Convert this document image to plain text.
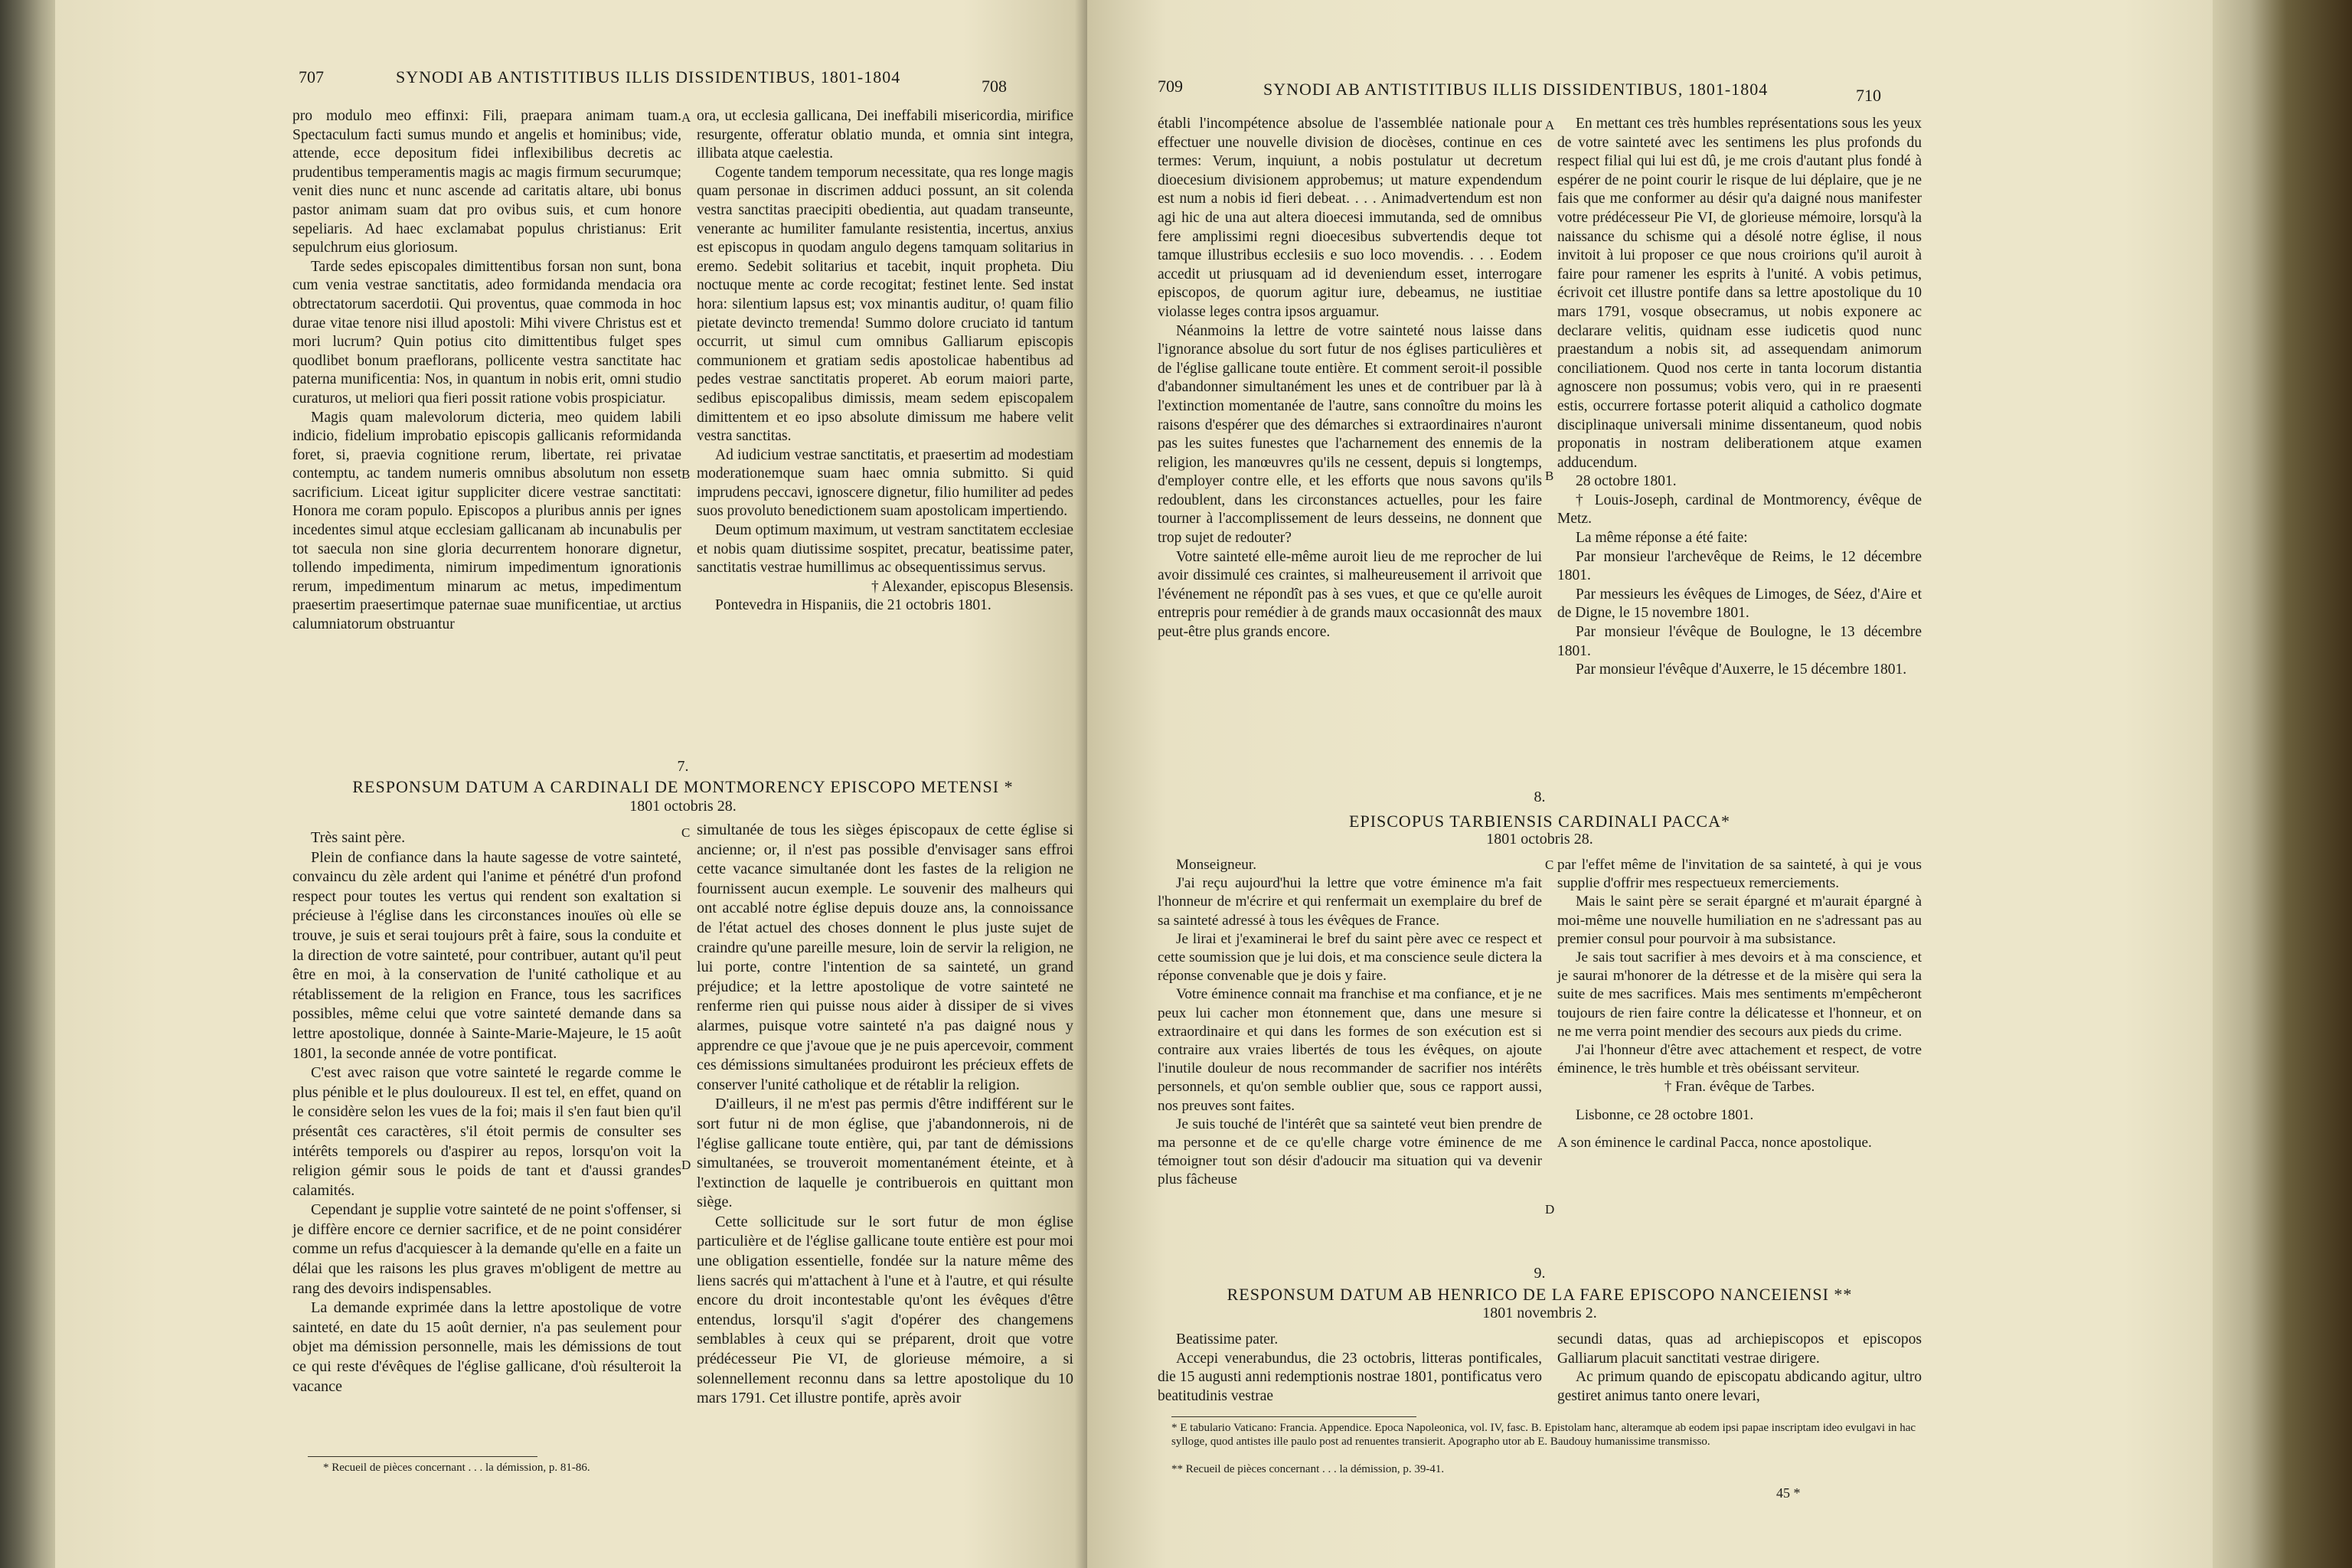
707	SYNODI AB ANTISTITIBUS ILLIS DISSIDENTIBUS, 1801-1804	708

pro modulo meo effinxi: Fili, praepara animam tuam. Spectaculum facti sumus mundo et angelis et hominibus; vide, attende, ecce depositum fidei inflexibilibus decretis ac prudentibus temperamentis magis ac magis firmum securumque; venit dies nunc et nunc ascende ad caritatis altare, ubi bonus pastor animam suam dat pro ovibus suis, et cum honore sepeliaris. Ad haec exclamabat populus christianus: Erit sepulchrum eius gloriosum.

Tarde sedes episcopales dimittentibus forsan non sunt, bona cum venia vestrae sanctitatis, adeo formidanda mendacia ora obtrectatorum sacerdotii. Qui proventus, quae commoda in hoc durae vitae tenore nisi illud apostoli: Mihi vivere Christus est et mori lucrum? Quin potius cito dimittentibus fulget spes quodlibet bonum praeflorans, pollicente vestra sanctitate hac paterna munificentia: Nos, in quantum in nobis erit, omni studio curaturos, ut meliori qua fieri possit ratione vobis prospiciatur.

Magis quam malevolorum dicteria, meo quidem labili indicio, fidelium improbatio episcopis gallicanis reformidanda foret, si, praevia cognitione rerum, libertate, rei privatae contemptu, ac tandem numeris omnibus absolutum non esset sacrificium. Liceat igitur suppliciter dicere vestrae sanctitati: Honora me coram populo. Episcopos a pluribus annis per ignes incedentes simul atque ecclesiam gallicanam ab incunabulis per tot saecula non sine gloria decurrentem honorare dignetur, tollendo impedimenta, nimirum impedimentum ignorationis rerum, impedimentum minarum ac metus, impedimentum praesertim praesertimque paternae suae munificentiae, ut arctius calumniatorum obstruantur

A ora, ut ecclesia gallicana, Dei ineffabili misericordia, mirifice resurgente, offeratur oblatio munda, et omnia sint integra, illibata atque caelestia.

Cogente tandem temporum necessitate, qua res longe magis quam personae in discrimen adduci possunt, an sit colenda vestra sanctitas praecipiti obedientia, aut quadam transeunte, venerante ac humiliter famulante resistentia, incertus, anxius est episcopus in quodam angulo degens tamquam solitarius in eremo. Sedebit solitarius et tacebit, inquit propheta. Diu noctuque mente ac corde recogitat; festinet lente. Sed instat hora: silentium lapsus est; vox minantis auditur, o! quam filio pietate devincto tremenda! Summo dolore cruciato id tantum occurrit, ut simul cum omnibus Galliarum episcopis communionem et gratiam sedis apostolicae habentibus ad pedes vestrae sanctitatis properet. Ab eorum maiori parte, sedibus episcopalibus dimissis, meam sedem episcopalem dimittentem et eo ipso absolute dimissum me habere velit vestra sanctitas.

Ad iudicium vestrae sanctitatis, et praesertim ad modestiam moderationemque suam haec omnia submitto. Si quid imprudens peccavi, ignoscere dignetur, filio humiliter ad pedes suos provoluto benedictionem suam apostolicam impertiendo.

Deum optimum maximum, ut vestram sanctitatem ecclesiae et nobis quam diutissime sospitet, precatur, beatissime pater, sanctitatis vestrae humillimus ac obsequentissimus servus.

† Alexander, episcopus Blesensis.

Pontevedra in Hispaniis, die 21 octobris 1801.

B
7.
RESPONSUM DATUM A CARDINALI DE MONTMORENCY EPISCOPO METENSI *
1801 octobris 28.

Très saint père.

Plein de confiance dans la haute sagesse de votre sainteté, convaincu du zèle ardent qui l'anime et pénétré d'un profond respect pour toutes les vertus qui rendent son exaltation si précieuse à l'église dans les circonstances inouïes où elle se trouve, je suis et serai toujours prêt à faire, sous la conduite et la direction de votre sainteté, pour contribuer, autant qu'il peut être en moi, à la conservation de l'unité catholique et au rétablissement de la religion en France, tous les sacrifices possibles, même celui que votre sainteté demande dans sa lettre apostolique, donnée à Sainte-Marie-Majeure, le 15 août 1801, la seconde année de votre pontificat.

C'est avec raison que votre sainteté le regarde comme le plus pénible et le plus douloureux. Il est tel, en effet, quand on le considère selon les vues de la foi; mais il s'en faut bien qu'il présentât ces caractères, s'il étoit permis de consulter ses intérêts temporels ou d'aspirer au repos, lorsqu'on voit la religion gémir sous le poids de tant et d'aussi grandes calamités.

Cependant je supplie votre sainteté de ne point s'offenser, si je diffère encore ce dernier sacrifice, et de ne point considérer comme un refus d'acquiescer à la demande qu'elle en a faite un délai que les raisons les plus graves m'obligent de mettre au rang des devoirs indispensables.

La demande exprimée dans la lettre apostolique de votre sainteté, en date du 15 août dernier, n'a pas seulement pour objet ma démission personnelle, mais les démissions de tout ce qui reste d'évêques de l'église gallicane, d'où résulteroit la vacance

C
D

simultanée de tous les sièges épiscopaux de cette église si ancienne; or, il n'est pas possible d'envisager sans effroi cette vacance simultanée dont les fastes de la religion ne fournissent aucun exemple. Le souvenir des malheurs qui ont accablé notre église depuis douze ans, la connoissance de l'état actuel des choses donnent le plus juste sujet de craindre qu'une pareille mesure, loin de servir la religion, ne lui porte, contre l'intention de sa sainteté, un grand préjudice; et la lettre apostolique de votre sainteté ne renferme rien qui puisse nous aider à dissiper de si vives alarmes, puisque votre sainteté n'a pas daigné nous y apprendre ce que j'avoue que je ne puis apercevoir, comment ces démissions simultanées produiront les précieux effets de conserver l'unité catholique et de rétablir la religion.

D'ailleurs, il ne m'est pas permis d'être indifférent sur le sort futur ni de mon église, que j'abandonnerois, ni de l'église gallicane toute entière, qui, par tant de démissions simultanées, se trouveroit momentanément éteinte, et à l'extinction de laquelle je contribuerois en quittant mon siège.

Cette sollicitude sur le sort futur de mon église particulière et de l'église gallicane toute entière est pour moi une obligation essentielle, fondée sur la nature même des liens sacrés qui m'attachent à l'une et à l'autre, et qui résulte encore du droit incontestable qu'ont les évêques d'être entendus, lorsqu'il s'agit d'opérer des changemens semblables à ceux qui se préparent, droit que votre prédécesseur Pie VI, de glorieuse mémoire, a si solennellement reconnu dans sa lettre apostolique du 10 mars 1791. Cet illustre pontife, après avoir

* Recueil de pièces concernant . . . la démission, p. 81-86.
709	SYNODI AB ANTISTITIBUS ILLIS DISSIDENTIBUS, 1801-1804	710

établi l'incompétence absolue de l'assemblée nationale pour effectuer une nouvelle division de diocèses, continue en ces termes: Verum, inquiunt, a nobis postulatur ut decretum dioecesium divisionem approbemus; ut mature expendendum est num a nobis id fieri debeat. . . . Animadvertendum est non agi hic de una aut altera dioecesi immutanda, sed de omnibus fere amplissimi regni dioecesibus subvertendis deque tot tamque illustribus ecclesiis e suo loco movendis. . . . Eodem accedit ut priusquam ad id deveniendum esset, interrogare episcopos, de quorum agitur iure, debeamus, ne iustitiae violasse leges contra ipsos arguamur.

Néanmoins la lettre de votre sainteté nous laisse dans l'ignorance absolue du sort futur de nos églises particulières et de l'église gallicane toute entière. Et comment seroit-il possible d'abandonner simultanément les unes et de contribuer par là à l'extinction momentanée de l'autre, sans connoître du moins les raisons d'espérer que des démarches si extraordinaires n'auront pas les suites funestes que l'acharnement des ennemis de la religion, les manœuvres qu'ils ne cessent, depuis si longtemps, d'employer contre elle, et les efforts que nous savons qu'ils redoublent, dans les circonstances actuelles, pour les faire tourner à l'accomplissement de leurs desseins, ne donnent que trop sujet de redouter?

Votre sainteté elle-même auroit lieu de me reprocher de lui avoir dissimulé ces craintes, si malheureusement il arrivoit que l'événement ne répondît pas à ses vues, et que ce qu'elle auroit entrepris pour remédier à de grands maux occasionnât des maux peut-être plus grands encore.

A
B

En mettant ces très humbles représentations sous les yeux de votre sainteté avec les sentimens les plus profonds du respect filial qui lui est dû, je me crois d'autant plus fondé à espérer de ne point courir le risque de lui déplaire, que je ne fais que me conformer au désir qu'a daigné nous manifester votre prédécesseur Pie VI, de glorieuse mémoire, lorsqu'à la naissance du schisme qui a désolé notre église, il nous invitoit à lui proposer ce que nous croirions qu'il auroit à faire pour ramener les esprits à l'unité. A vobis petimus, écrivoit cet illustre pontife dans sa lettre apostolique du 10 mars 1791, vosque obsecramus, ut nobis exponere ac declarare velitis, quidnam esse iudicetis quod nunc praestandum a nobis sit, ad assequendam animorum conciliationem. Quod nos certe in tanta locorum distantia agnoscere non possumus; vobis vero, qui in re praesenti estis, occurrere fortasse poterit aliquid a catholico dogmate disciplinaque universali minime dissentaneum, quod nobis proponatis in nostram deliberationem atque examen adducendum.

28 octobre 1801.

† Louis-Joseph, cardinal de Montmorency, évêque de Metz.

La même réponse a été faite:

Par monsieur l'archevêque de Reims, le 12 décembre 1801.

Par messieurs les évêques de Limoges, de Séez, d'Aire et de Digne, le 15 novembre 1801.

Par monsieur l'évêque de Boulogne, le 13 décembre 1801.

Par monsieur l'évêque d'Auxerre, le 15 décembre 1801.

8.
EPISCOPUS TARBIENSIS CARDINALI PACCA*
1801 octobris 28.

Monseigneur.

J'ai reçu aujourd'hui la lettre que votre éminence m'a fait l'honneur de m'écrire et qui renfermait un exemplaire du bref de sa sainteté adressé à tous les évêques de France.

Je lirai et j'examinerai le bref du saint père avec ce respect et cette soumission que je lui dois, et ma conscience seule dictera la réponse convenable que je dois y faire.

Votre éminence connait ma franchise et ma confiance, et je ne peux lui cacher mon étonnement que, dans une mesure si extraordinaire et qui dans les formes de son exécution est si contraire aux vraies libertés de tous les évêques, on ajoute l'inutile douleur de nous recommander de sacrifier nos intérêts personnels, et qu'on semble oublier que, sous ce rapport aussi, nos preuves sont faites.

Je suis touché de l'intérêt que sa sainteté veut bien prendre de ma personne et de ce qu'elle charge votre éminence de me témoigner tout son désir d'adoucir ma situation qui va devenir plus fâcheuse

C
D

par l'effet même de l'invitation de sa sainteté, à qui je vous supplie d'offrir mes respectueux remerciements.

Mais le saint père se serait épargné et m'aurait épargné à moi-même une nouvelle humiliation en ne s'adressant pas au premier consul pour pourvoir à ma subsistance.

Je sais tout sacrifier à mes devoirs et à ma conscience, et je saurai m'honorer de la détresse et de la misère qui sera la suite de mes sacrifices. Mais mes sentiments m'empêcheront toujours de rien faire contre la délicatesse et l'honneur, et on ne me verra point mendier des secours aux pieds du crime.

J'ai l'honneur d'être avec attachement et respect, de votre éminence, le très humble et très obéissant serviteur.

† Fran. évêque de Tarbes.

Lisbonne, ce 28 octobre 1801.

A son éminence le cardinal Pacca, nonce apostolique.

9.
RESPONSUM DATUM AB HENRICO DE LA FARE EPISCOPO NANCEIENSI **
1801 novembris 2.

Beatissime pater.

Accepi venerabundus, die 23 octobris, litteras pontificales, die 15 augusti anni redemptionis nostrae 1801, pontificatus vero beatitudinis vestrae

secundi datas, quas ad archiepiscopos et episcopos Galliarum placuit sanctitati vestrae dirigere.

Ac primum quando de episcopatu abdicando agitur, ultro gestiret animus tanto onere levari,

* E tabulario Vaticano: Francia. Appendice. Epoca Napoleonica, vol. IV, fasc. B. Epistolam hanc, alteramque ab eodem ipsi papae inscriptam ideo evulgavi in hac sylloge, quod antistes ille paulo post ad renuentes transierit. Apographo utor ab E. Baudouy humanissime transmisso.
** Recueil de pièces concernant . . . la démission, p. 39-41.
45 *
